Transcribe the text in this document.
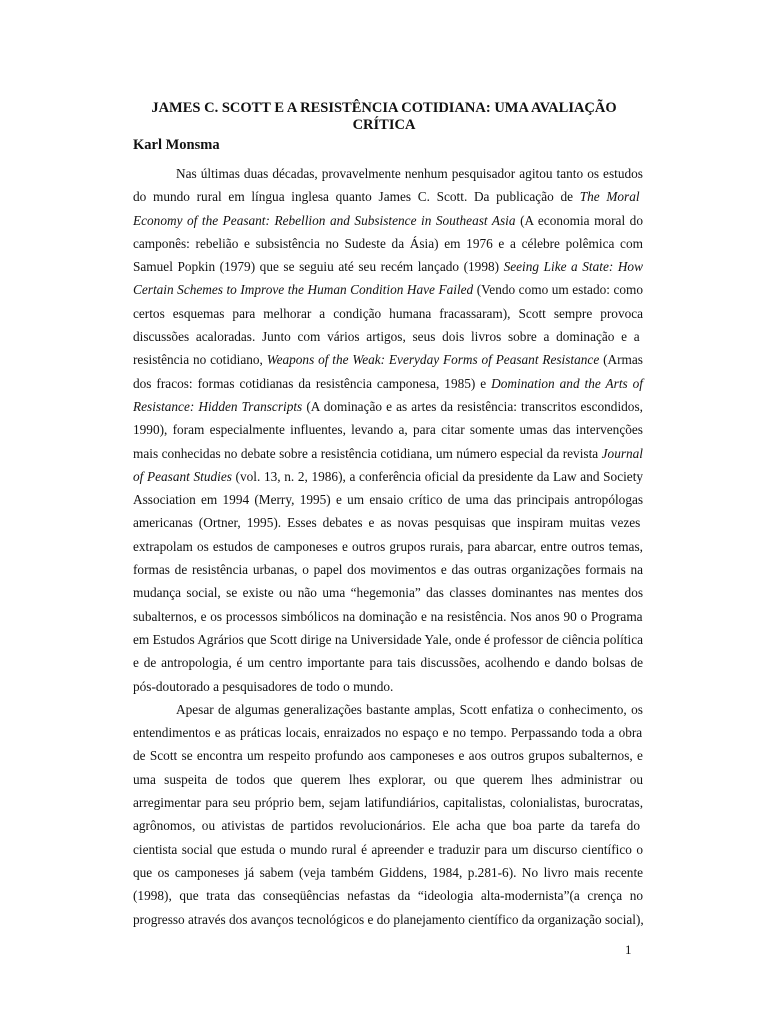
JAMES C. SCOTT E A RESISTÊNCIA COTIDIANA: UMA AVALIAÇÃO
CRÍTICA
Karl Monsma
Nas últimas duas décadas, provavelmente nenhum pesquisador agitou tanto os estudos
do mundo rural em língua inglesa quanto James C. Scott. Da publicação de The Moral
Economy of the Peasant: Rebellion and Subsistence in Southeast Asia (A economia moral do
camponês: rebelião e subsistência no Sudeste da Ásia) em 1976 e a célebre polêmica com
Samuel Popkin (1979) que se seguiu até seu recém lançado (1998) Seeing Like a State: How
Certain Schemes to Improve the Human Condition Have Failed (Vendo como um estado: como
certos esquemas para melhorar a condição humana fracassaram), Scott sempre provoca
discussões acaloradas. Junto com vários artigos, seus dois livros sobre a dominação e a
resistência no cotidiano, Weapons of the Weak: Everyday Forms of Peasant Resistance (Armas
dos fracos: formas cotidianas da resistência camponesa, 1985) e Domination and the Arts of
Resistance: Hidden Transcripts (A dominação e as artes da resistência: transcritos escondidos,
1990), foram especialmente influentes, levando a, para citar somente umas das intervenções
mais conhecidas no debate sobre a resistência cotidiana, um número especial da revista Journal
of Peasant Studies (vol. 13, n. 2, 1986), a conferência oficial da presidente da Law and Society
Association em 1994 (Merry, 1995) e um ensaio crítico de uma das principais antropólogas
americanas (Ortner, 1995). Esses debates e as novas pesquisas que inspiram muitas vezes
extrapolam os estudos de camponeses e outros grupos rurais, para abarcar, entre outros temas,
formas de resistência urbanas, o papel dos movimentos e das outras organizações formais na
mudança social, se existe ou não uma “hegemonia” das classes dominantes nas mentes dos
subalternos, e os processos simbólicos na dominação e na resistência. Nos anos 90 o Programa
em Estudos Agrários que Scott dirige na Universidade Yale, onde é professor de ciência política
e de antropologia, é um centro importante para tais discussões, acolhendo e dando bolsas de
pós-doutorado a pesquisadores de todo o mundo.
Apesar de algumas generalizações bastante amplas, Scott enfatiza o conhecimento, os
entendimentos e as práticas locais, enraizados no espaço e no tempo. Perpassando toda a obra
de Scott se encontra um respeito profundo aos camponeses e aos outros grupos subalternos, e
uma suspeita de todos que querem lhes explorar, ou que querem lhes administrar ou
arregimentar para seu próprio bem, sejam latifundiários, capitalistas, colonialistas, burocratas,
agrônomos, ou ativistas de partidos revolucionários. Ele acha que boa parte da tarefa do
cientista social que estuda o mundo rural é apreender e traduzir para um discurso científico o
que os camponeses já sabem (veja também Giddens, 1984, p.281-6). No livro mais recente
(1998), que trata das conseqüências nefastas da “ideologia alta-modernista”(a crença no
progresso através dos avanços tecnológicos e do planejamento científico da organização social),
1
